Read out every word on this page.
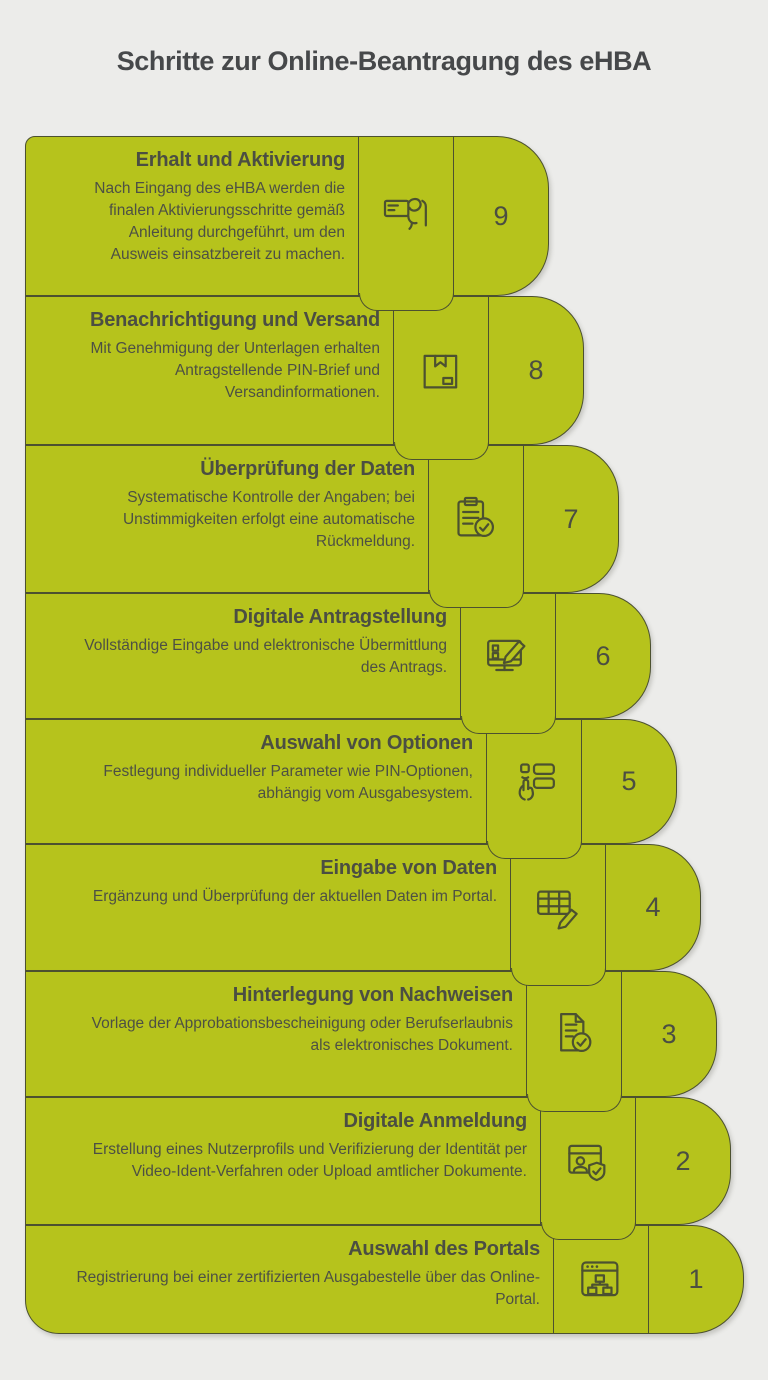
Schritte zur Online-Beantragung des eHBA
Erhalt und Aktivierung
Nach Eingang des eHBA werden die finalen Aktivierungsschritte gemäß Anleitung durchgeführt, um den Ausweis einsatzbereit zu machen.
9
Benachrichtigung und Versand
Mit Genehmigung der Unterlagen erhalten Antragstellende PIN-Brief und Versandinformationen.
8
Überprüfung der Daten
Systematische Kontrolle der Angaben; bei Unstimmigkeiten erfolgt eine automatische Rückmeldung.
7
Digitale Antragstellung
Vollständige Eingabe und elektronische Übermittlung des Antrags.	6
Auswahl von Optionen
Festlegung individueller Parameter wie PIN-Optionen, abhängig vom Ausgabesystem.	5
Eingabe von Daten
Ergänzung und Überprüfung der aktuellen Daten im Portal.	4
Hinterlegung von Nachweisen
Vorlage der Approbationsbescheinigung oder Berufserlaubnis als elektronisches Dokument.	3
Digitale Anmeldung
Erstellung eines Nutzerprofils und Verifizierung der Identität per Video-Ident-Verfahren oder Upload amtlicher Dokumente.	2
Auswahl des Portals
Registrierung bei einer zertifizierten Ausgabestelle über das Online-Portal.
1
